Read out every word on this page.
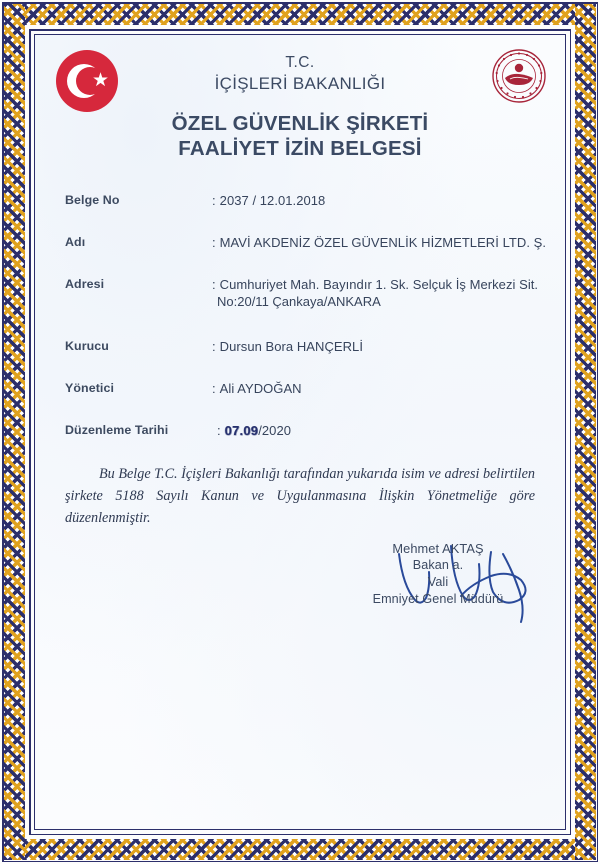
★
T.C.
İÇİŞLERİ BAKANLIĞI
ÖZEL GÜVENLİK ŞİRKETİ
FAALİYET İZİN BELGESİ
Belge No	: 2037 / 12.01.2018
Adı	: MAVİ AKDENİZ ÖZEL GÜVENLİK HİZMETLERİ LTD. Ş.
Adresi	: Cumhuriyet Mah. Bayındır 1. Sk. Selçuk İş Merkezi Sit.
No:20/11 Çankaya/ANKARA
Kurucu	: Dursun Bora HANÇERLİ
Yönetici	: Ali AYDOĞAN
Düzenleme Tarihi	: 07.09/2020
Bu Belge T.C. İçişleri Bakanlığı tarafından yukarıda isim ve adresi belirtilen şirkete 5188 Sayılı Kanun ve Uygulanmasına İlişkin Yönetmeliğe göre düzenlenmiştir.
Mehmet AKTAŞ
Bakan a.
Vali
Emniyet Genel Müdürü
